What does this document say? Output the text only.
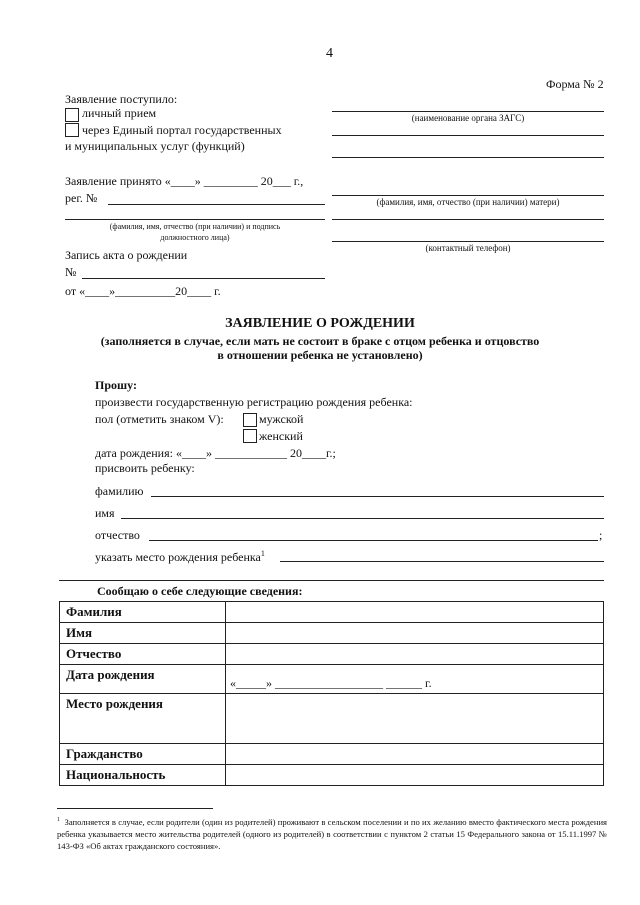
4
Форма № 2
Заявление поступило:
личный прием
через Единый портал государственных
и муниципальных услуг (функций)
(наименование органа ЗАГС)
(фамилия, имя, отчество (при наличии) матери)
(контактный телефон)
Заявление принято «____» _________ 20___ г.,
рег. №
(фамилия, имя, отчество (при наличии) и подпись
должностного лица)
Запись акта о рождении
№
от «____»__________20____ г.
ЗАЯВЛЕНИЕ О РОЖДЕНИИ
(заполняется в случае, если мать не состоит в браке с отцом ребенка и отцовство
в отношении ребенка не установлено)
Прошу:
произвести государственную регистрацию рождения ребенка:
пол (отметить знаком V):	мужской
женский
дата рождения: «____» ____________ 20____г.;
присвоить ребенку:
фамилию
имя
отчество	;
указать место рождения ребенка$^1$
Сообщаю о себе следующие сведения:
Фамилия	
Имя	
Отчество	
Дата рождения	«_____» __________________ ______ г.
Место рождения	
Гражданство	
Национальность	
$^1$ Заполняется в случае, если родители (один из родителей) проживают в сельском поселении и по их желанию вместо фактического места рождения ребенка указывается место жительства родителей (одного из родителей) в соответствии с пунктом 2 статьи 15 Федерального закона от 15.11.1997 № 143-ФЗ «Об актах гражданского состояния».
